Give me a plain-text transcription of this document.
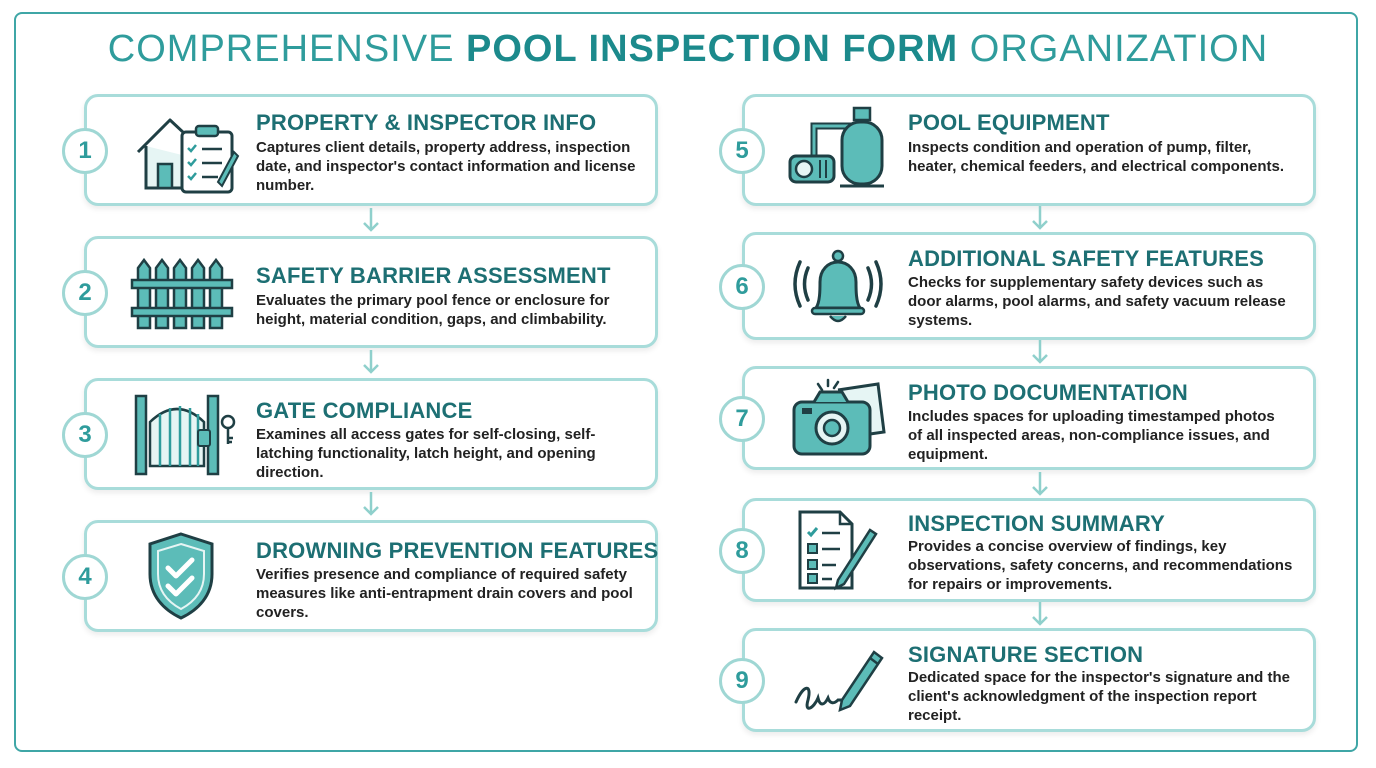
COMPREHENSIVE POOL INSPECTION FORM ORGANIZATION
1
PROPERTY & INSPECTOR INFO
Captures client details, property address, inspection date, and inspector's contact information and license number.
2
SAFETY BARRIER ASSESSMENT
Evaluates the primary pool fence or enclosure for height, material condition, gaps, and climbability.
3
GATE COMPLIANCE
Examines all access gates for self-closing, self-latching functionality, latch height, and opening direction.
4
DROWNING PREVENTION FEATURES
Verifies presence and compliance of required safety measures like anti-entrapment drain covers and pool covers.
5
POOL EQUIPMENT
Inspects condition and operation of pump, filter, heater, chemical feeders, and electrical components.
6
ADDITIONAL SAFETY FEATURES
Checks for supplementary safety devices such as door alarms, pool alarms, and safety vacuum release systems.
7
PHOTO DOCUMENTATION
Includes spaces for uploading timestamped photos of all inspected areas, non-compliance issues, and equipment.
8
INSPECTION SUMMARY
Provides a concise overview of findings, key observations, safety concerns, and recommendations for repairs or improvements.
9
SIGNATURE SECTION
Dedicated space for the inspector's signature and the client's acknowledgment of the inspection report receipt.
